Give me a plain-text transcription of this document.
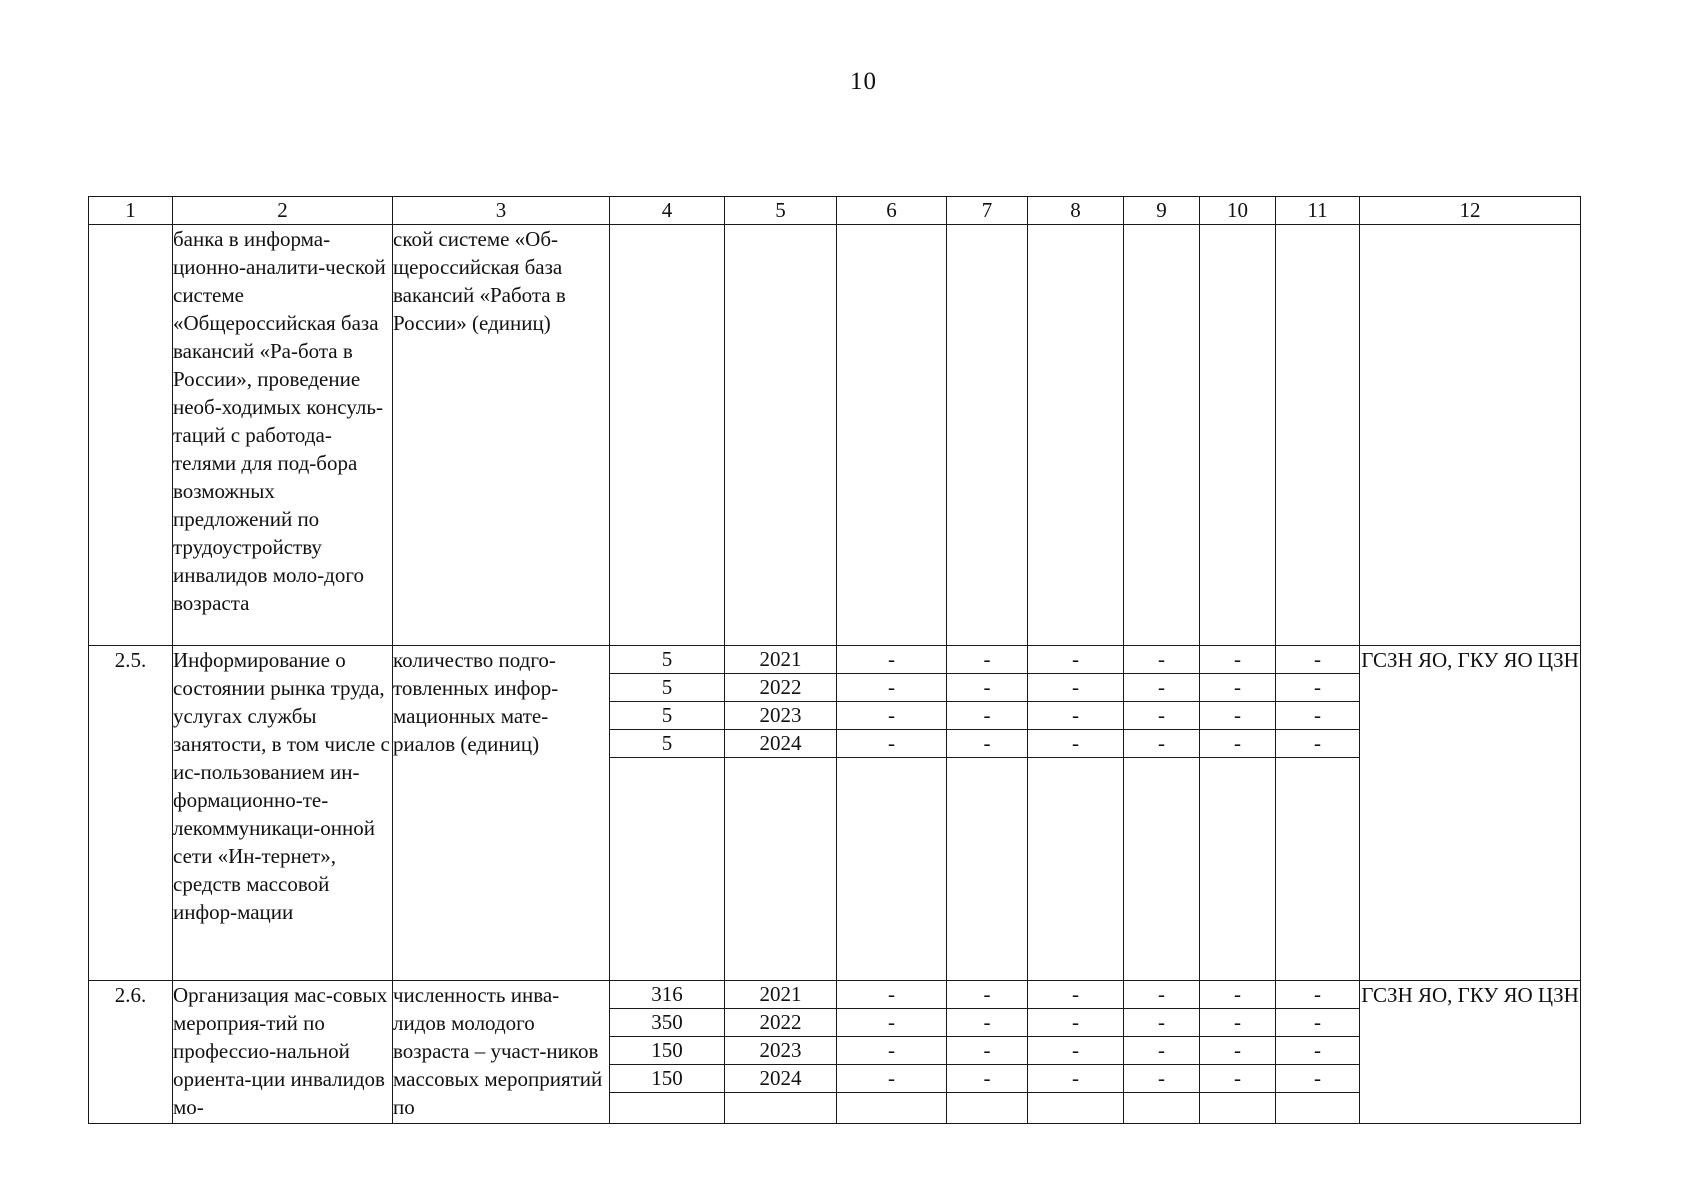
10
1	2	3	4	5	6	7	8	9	10	11	12
	банка в информа-ционно-аналити-ческой системе «Общероссийская база вакансий «Ра-бота в России», проведение необ-ходимых консуль-таций с работода-телями для под-бора возможных предложений по трудоустройству инвалидов моло-дого возраста	ской системе «Об-щероссийская база вакансий «Работа в России» (единиц)									
2.5.	Информирование о состоянии рынка труда, услугах службы занятости, в том числе с ис-пользованием ин-формационно-те-лекоммуникаци-онной сети «Ин-тернет», средств массовой инфор-мации	количество подго-товленных инфор-мационных мате-риалов (единиц)	5	2021	-	-	-	-	-	-	ГСЗН ЯО, ГКУ ЯО ЦЗН
			5	2022	-	-	-	-	-	-	
			5	2023	-	-	-	-	-	-	
			5	2024	-	-	-	-	-	-	

2.6.	Организация мас-совых мероприя-тий по профессио-нальной ориента-ции инвалидов мо-	численность инва-лидов молодого возраста – участ-ников массовых мероприятий по	316	2021	-	-	-	-	-	-	ГСЗН ЯО, ГКУ ЯО ЦЗН
			350	2022	-	-	-	-	-	-	
			150	2023	-	-	-	-	-	-	
			150	2024	-	-	-	-	-	-	
